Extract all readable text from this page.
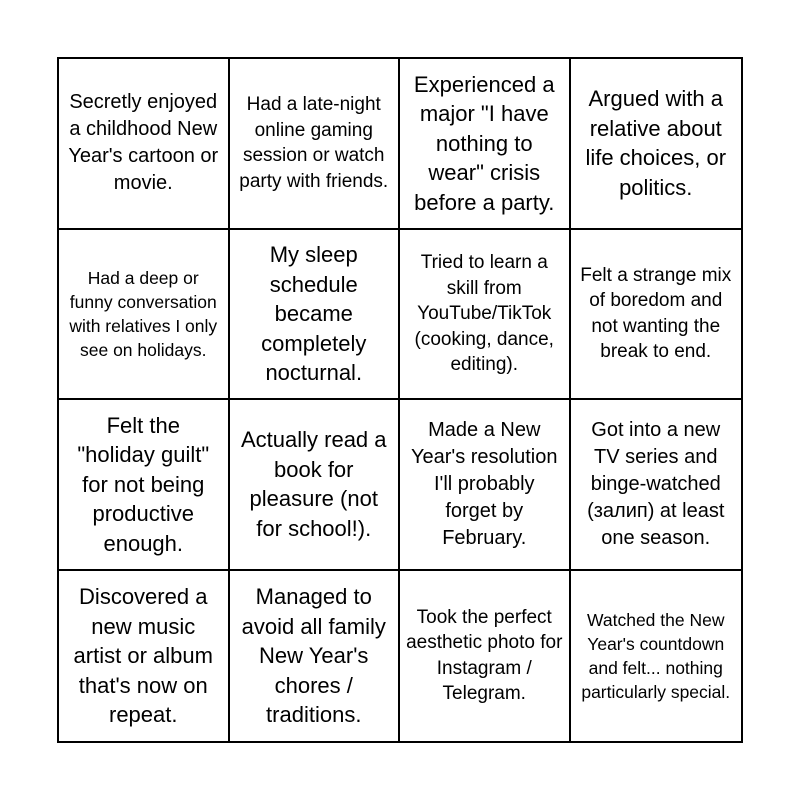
Secretly enjoyed a childhood New Year's cartoon or movie.
Had a late-night online gaming session or watch party with friends.
Experienced a major "I have nothing to wear" crisis before a party.
Argued with a relative about life choices, or politics.
Had a deep or funny conversation with relatives I only see on holidays.
My sleep schedule became completely nocturnal.
Tried to learn a skill from YouTube/TikTok (cooking, dance, editing).
Felt a strange mix of boredom and not wanting the break to end.
Felt the "holiday guilt" for not being productive enough.
Actually read a book for pleasure (not for school!).
Made a New Year's resolution I'll probably forget by February.
Got into a new TV series and binge-watched (залип) at least one season.
Discovered a new music artist or album that's now on repeat.
Managed to avoid all family New Year's chores / traditions.
Took the perfect aesthetic photo for Instagram / Telegram.
Watched the New Year's countdown and felt... nothing particularly special.
